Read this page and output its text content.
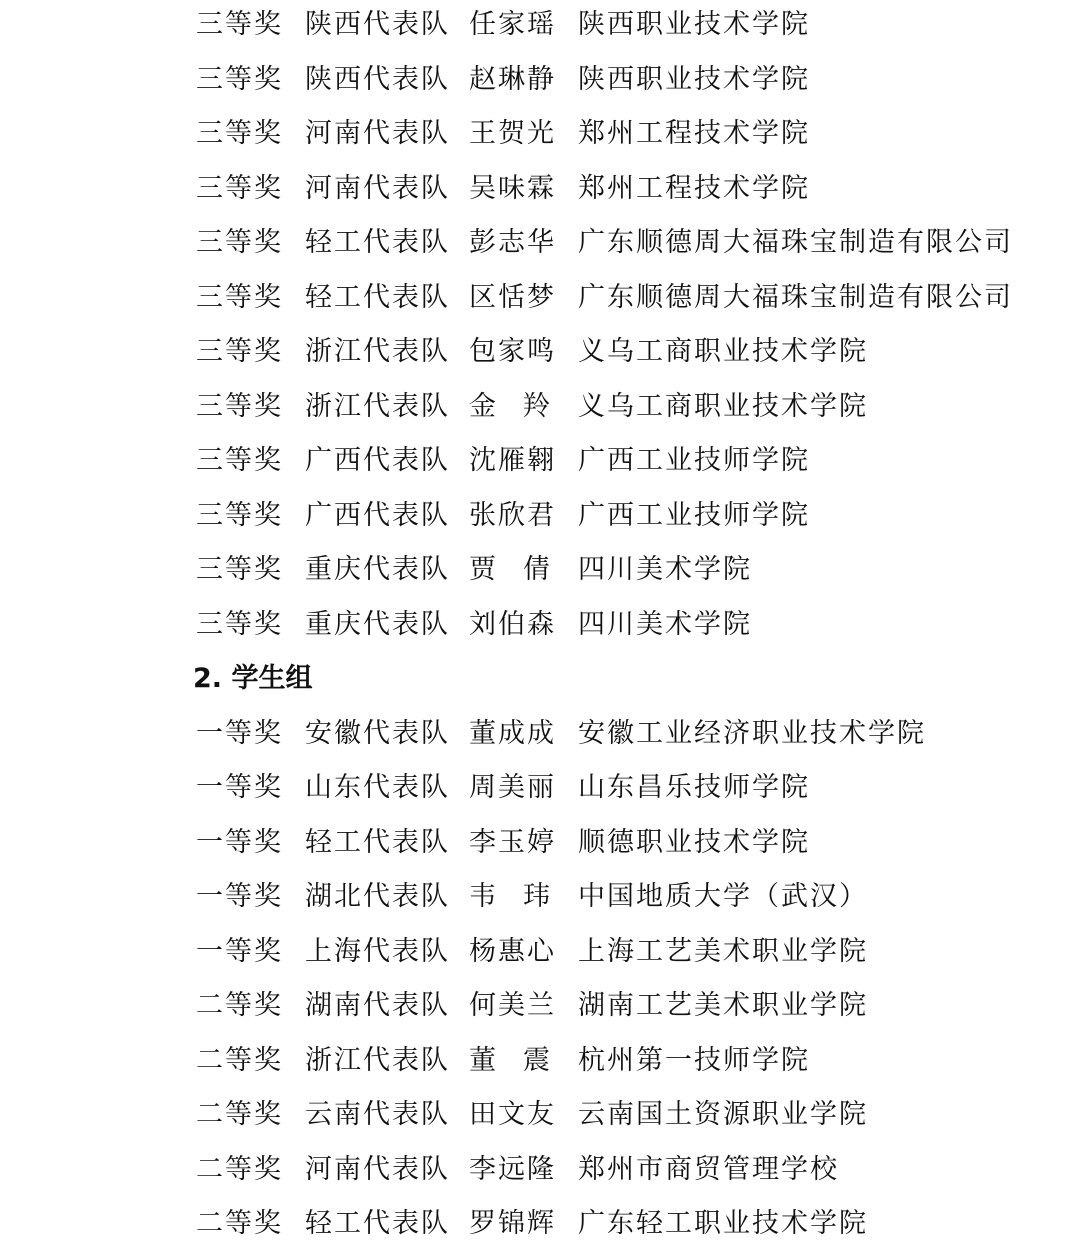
三等奖 陕西代表队 任家瑶 陕西职业技术学院
三等奖 陕西代表队 赵琳静 陕西职业技术学院
三等奖 河南代表队 王贺光 郑州工程技术学院
三等奖 河南代表队 吴味霖 郑州工程技术学院
三等奖 轻工代表队 彭志华 广东顺德周大福珠宝制造有限公司
三等奖 轻工代表队 区恬梦 广东顺德周大福珠宝制造有限公司
三等奖 浙江代表队 包家鸣 义乌工商职业技术学院
三等奖 浙江代表队 金　羚 义乌工商职业技术学院
三等奖 广西代表队 沈雁翱 广西工业技师学院
三等奖 广西代表队 张欣君 广西工业技师学院
三等奖 重庆代表队 贾　倩 四川美术学院
三等奖 重庆代表队 刘伯森 四川美术学院
2. 学生组
一等奖 安徽代表队 董成成 安徽工业经济职业技术学院
一等奖 山东代表队 周美丽 山东昌乐技师学院
一等奖 轻工代表队 李玉婷 顺德职业技术学院
一等奖 湖北代表队 韦　玮 中国地质大学（武汉）
一等奖 上海代表队 杨惠心 上海工艺美术职业学院
二等奖 湖南代表队 何美兰 湖南工艺美术职业学院
二等奖 浙江代表队 董　震 杭州第一技师学院
二等奖 云南代表队 田文友 云南国土资源职业学院
二等奖 河南代表队 李远隆 郑州市商贸管理学校
二等奖 轻工代表队 罗锦辉 广东轻工职业技术学院
